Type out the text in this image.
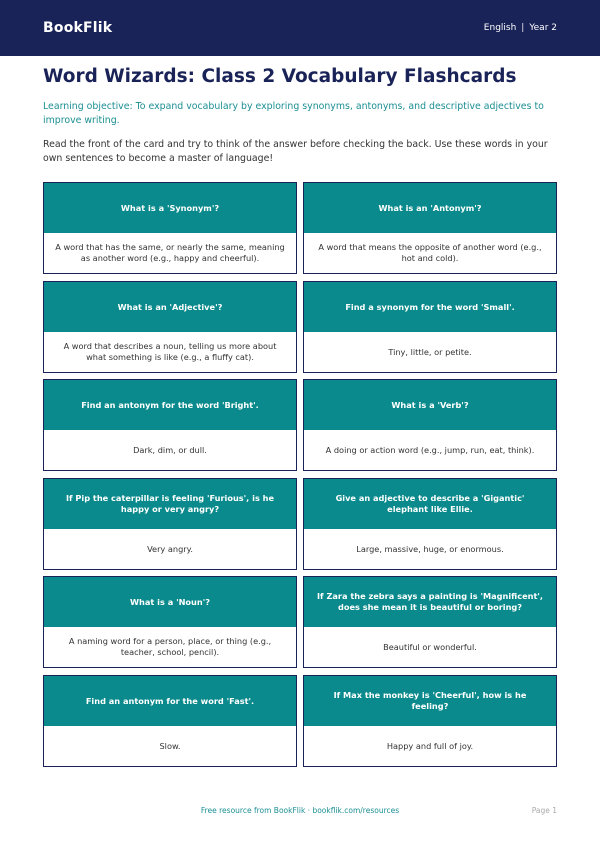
BookFlik	English | Year 2
Word Wizards: Class 2 Vocabulary Flashcards

Learning objective: To expand vocabulary by exploring synonyms, antonyms, and descriptive adjectives to improve writing.

Read the front of the card and try to think of the answer before checking the back. Use these words in your own sentences to become a master of language!

What is a 'Synonym'?
A word that has the same, or nearly the same, meaning as another word (e.g., happy and cheerful).
What is an 'Antonym'?
A word that means the opposite of another word (e.g., hot and cold).
What is an 'Adjective'?
A word that describes a noun, telling us more about what something is like (e.g., a fluffy cat).
Find a synonym for the word 'Small'.
Tiny, little, or petite.
Find an antonym for the word 'Bright'.
Dark, dim, or dull.
What is a 'Verb'?
A doing or action word (e.g., jump, run, eat, think).
If Pip the caterpillar is feeling 'Furious', is he happy or very angry?
Very angry.
Give an adjective to describe a 'Gigantic' elephant like Ellie.
Large, massive, huge, or enormous.
What is a 'Noun'?
A naming word for a person, place, or thing (e.g., teacher, school, pencil).
If Zara the zebra says a painting is 'Magnificent', does she mean it is beautiful or boring?
Beautiful or wonderful.
Find an antonym for the word 'Fast'.
Slow.
If Max the monkey is 'Cheerful', how is he feeling?
Happy and full of joy.
Free resource from BookFlik · bookflik.com/resources	Page 1
